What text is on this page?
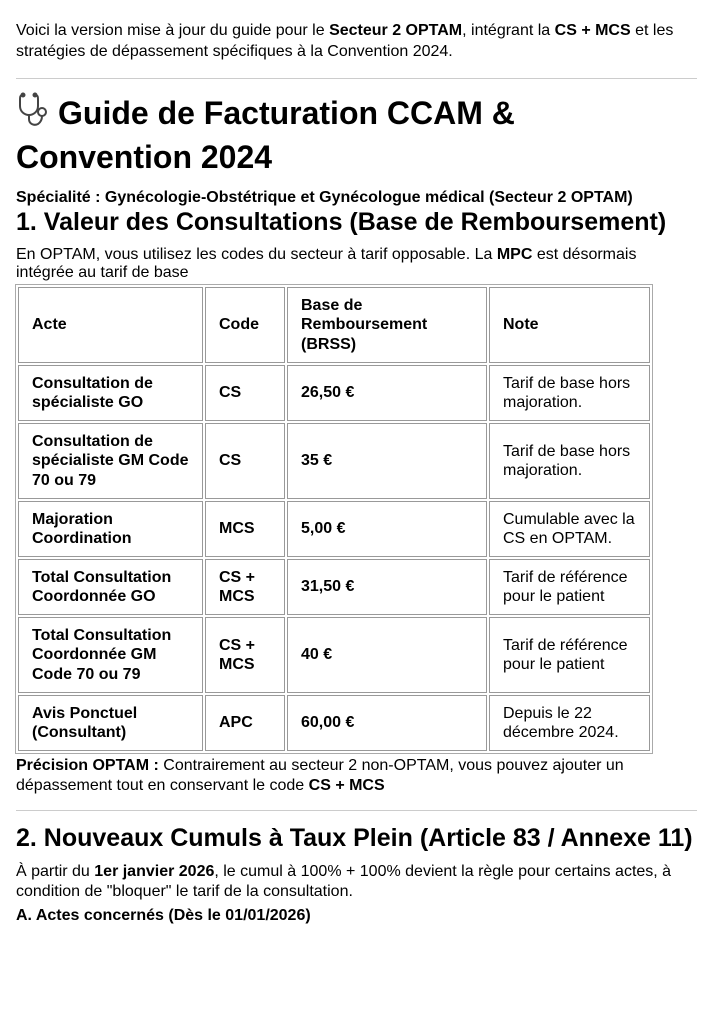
Voici la version mise à jour du guide pour le Secteur 2 OPTAM, intégrant la CS + MCS et les stratégies de dépassement spécifiques à la Convention 2024.

Guide de Facturation CCAM & Convention 2024

Spécialité : Gynécologie-Obstétrique et Gynécologue médical (Secteur 2 OPTAM)

1. Valeur des Consultations (Base de Remboursement)

En OPTAM, vous utilisez les codes du secteur à tarif opposable. La MPC est désormais intégrée au tarif de base

Acte	Code	Base de Remboursement (BRSS)	Note
Consultation de spécialiste GO	CS	26,50 €	Tarif de base hors majoration.
Consultation de spécialiste GM Code 70 ou 79	CS	35 €	Tarif de base hors majoration.
Majoration Coordination	MCS	5,00 €	Cumulable avec la CS en OPTAM.
Total Consultation Coordonnée GO	CS + MCS	31,50 €	Tarif de référence pour le patient
Total Consultation Coordonnée GM Code 70 ou 79	CS + MCS	40 €	Tarif de référence pour le patient
Avis Ponctuel (Consultant)	APC	60,00 €	Depuis le 22 décembre 2024.

Précision OPTAM : Contrairement au secteur 2 non-OPTAM, vous pouvez ajouter un dépassement tout en conservant le code CS + MCS

2. Nouveaux Cumuls à Taux Plein (Article 83 / Annexe 11)

À partir du 1er janvier 2026, le cumul à 100% + 100% devient la règle pour certains actes, à condition de "bloquer" le tarif de la consultation.

A. Actes concernés (Dès le 01/01/2026)
